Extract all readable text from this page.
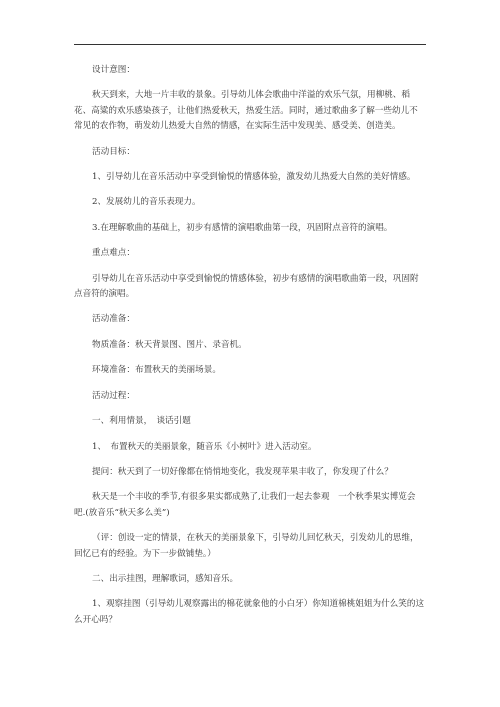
设计意图：

秋天到来，大地一片丰收的景象。引导幼儿体会歌曲中洋溢的欢乐气氛，用柳桃、稻花、高粱的欢乐感染孩子，让他们热爱秋天，热爱生活。同时，通过歌曲多了解一些幼儿不常见的农作物，萌发幼儿热爱大自然的情感，在实际生活中发现美、感受美、创造美。

活动目标：

1、引导幼儿在音乐活动中享受到愉悦的情感体验，激发幼儿热爱大自然的美好情感。

2、发展幼儿的音乐表现力。

3.在理解歌曲的基础上，初步有感情的演唱歌曲第一段，巩固附点音符的演唱。

重点难点：

引导幼儿在音乐活动中享受到愉悦的情感体验，初步有感情的演唱歌曲第一段，巩固附点音符的演唱。

活动准备：

物质准备：秋天背景图、图片、录音机。

环境准备：布置秋天的美丽场景。

活动过程：

一、利用情景，　谈话引题

1、　布置秋天的美丽景象，随音乐《小树叶》进入活动室。

提问：秋天到了一切好像都在悄悄地变化，我发现苹果丰收了，你发现了什么？

秋天是一个丰收的季节,有很多果实都成熟了,让我们一起去参观　一个秋季果实博览会吧.(放音乐“秋天多么美”)

（评：创设一定的情景，在秋天的美丽景象下，引导幼儿回忆秋天，引发幼儿的思维，回忆已有的经验。为下一步做铺垫。）

二、出示挂图，理解歌词，感知音乐。

1、观察挂图（引导幼儿观察露出的棉花就象他的小白牙）你知道棉桃姐姐为什么笑的这么开心吗？
